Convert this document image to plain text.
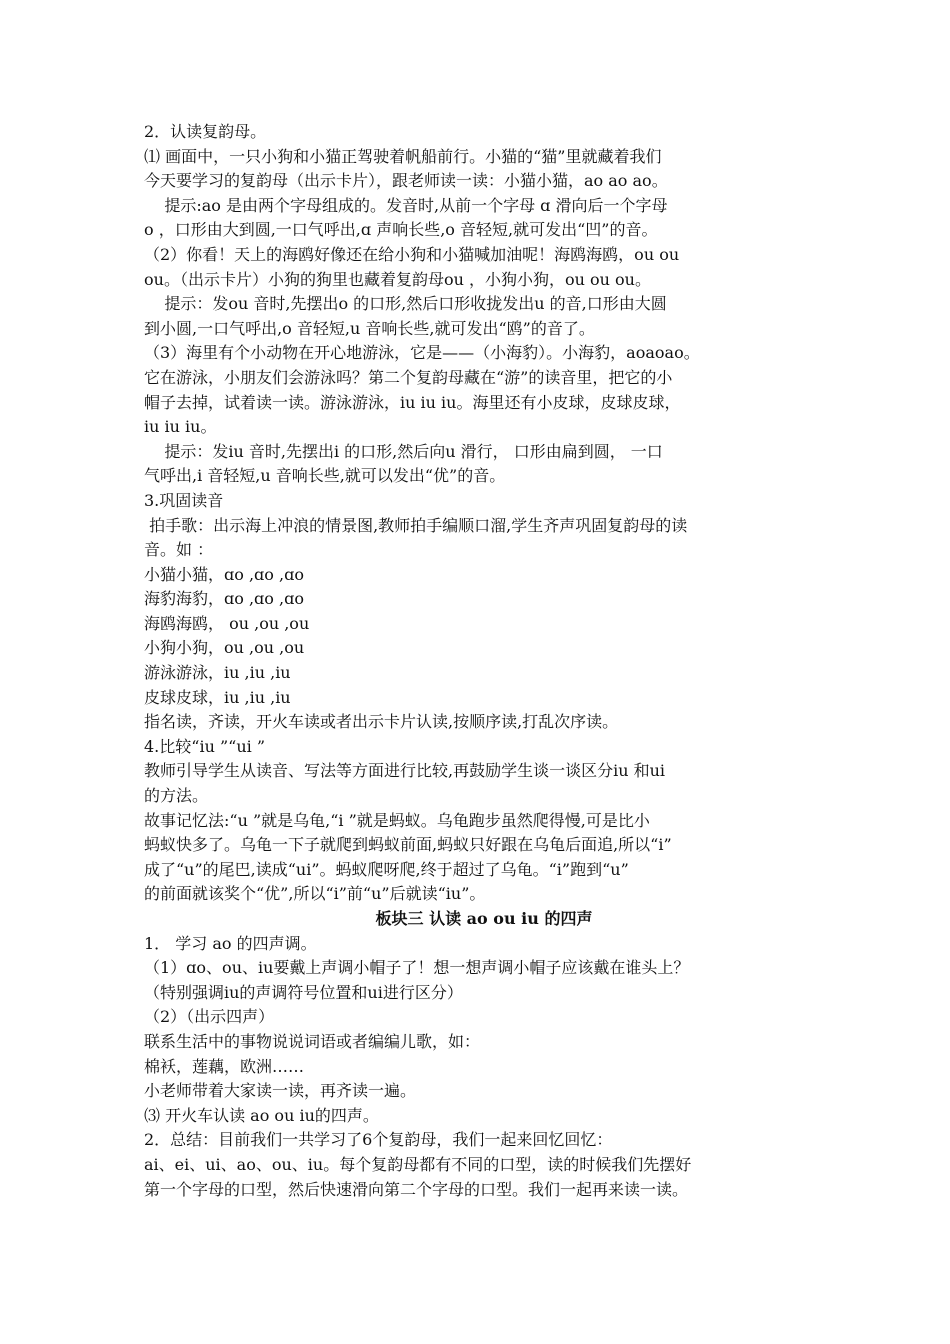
2．认读复韵母。
⑴ 画面中，一只小狗和小猫正驾驶着帆船前行。小猫的“猫”里就藏着我们
今天要学习的复韵母（出示卡片），跟老师读一读：小猫小猫，ao ao ao。
提示:ao 是由两个字母组成的。发音时,从前一个字母 ɑ 滑向后一个字母
o ，口形由大到圆,一口气呼出,ɑ 声响长些,o 音轻短,就可发出“凹”的音。
（2）你看！天上的海鸥好像还在给小狗和小猫喊加油呢！海鸥海鸥，ou ou
ou。（出示卡片）小狗的狗里也藏着复韵母ou ，小狗小狗，ou ou ou。
提示：发ou 音时,先摆出o 的口形,然后口形收拢发出u 的音,口形由大圆
到小圆,一口气呼出,o 音轻短,u 音响长些,就可发出“鸥”的音了。
（3）海里有个小动物在开心地游泳，它是——（小海豹）。小海豹，aoaoao。
它在游泳，小朋友们会游泳吗？第二个复韵母藏在“游”的读音里，把它的小
帽子去掉，试着读一读。游泳游泳，iu iu iu。海里还有小皮球，皮球皮球，
iu iu iu。
提示：发iu 音时,先摆出i 的口形,然后向u 滑行， 口形由扁到圆， 一口
气呼出,i 音轻短,u 音响长些,就可以发出“优”的音。
3.巩固读音
拍手歌：出示海上冲浪的情景图,教师拍手编顺口溜,学生齐声巩固复韵母的读
音。如 ：
小猫小猫，ɑo ,ɑo ,ɑo
海豹海豹，ɑo ,ɑo ,ɑo
海鸥海鸥， ou ,ou ,ou
小狗小狗，ou ,ou ,ou
游泳游泳，iu ,iu ,iu
皮球皮球，iu ,iu ,iu
指名读，齐读，开火车读或者出示卡片认读,按顺序读,打乱次序读。
4.比较“iu ”“ui ”
教师引导学生从读音、写法等方面进行比较,再鼓励学生谈一谈区分iu 和ui
的方法。
故事记忆法:“u ”就是乌龟,“i ”就是蚂蚁。乌龟跑步虽然爬得慢,可是比小
蚂蚁快多了。乌龟一下子就爬到蚂蚁前面,蚂蚁只好跟在乌龟后面追,所以“i”
成了“u”的尾巴,读成“ui”。蚂蚁爬呀爬,终于超过了乌龟。“i”跑到“u”
的前面就该奖个“优”,所以“i”前“u”后就读“iu”。
板块三 认读 ao ou iu 的四声
1． 学习 ao 的四声调。
（1）ɑo、ou、iu要戴上声调小帽子了！想一想声调小帽子应该戴在谁头上？
（特别强调iu的声调符号位置和ui进行区分）
（2）（出示四声）
联系生活中的事物说说词语或者编编儿歌，如：
棉袄，莲藕，欧洲……
小老师带着大家读一读，再齐读一遍。
⑶ 开火车认读 ao ou iu的四声。
2．总结：目前我们一共学习了6个复韵母，我们一起来回忆回忆：
ai、ei、ui、ao、ou、iu。每个复韵母都有不同的口型，读的时候我们先摆好
第一个字母的口型，然后快速滑向第二个字母的口型。我们一起再来读一读。
